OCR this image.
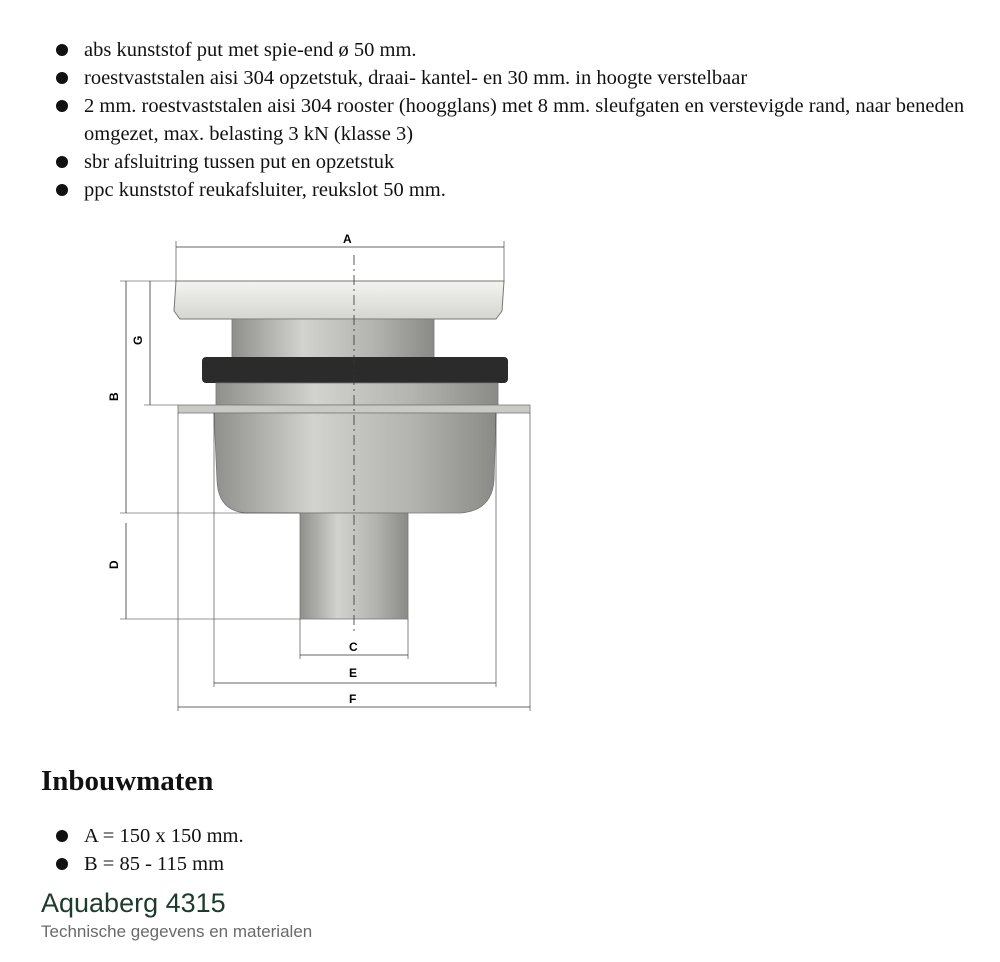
abs kunststof put met spie-end ø 50 mm.
roestvaststalen aisi 304 opzetstuk, draai- kantel- en 30 mm. in hoogte verstelbaar
2 mm. roestvaststalen aisi 304 rooster (hoogglans) met 8 mm. sleufgaten en verstevigde rand, naar beneden omgezet, max. belasting 3 kN (klasse 3)
sbr afsluitring tussen put en opzetstuk
ppc kunststof reukafsluiter, reukslot 50 mm.
A
G
B
D
C
E
F
Inbouwmaten
A = 150 x 150 mm.
B = 85 - 115 mm

Aquaberg 4315

Technische gegevens en materialen
